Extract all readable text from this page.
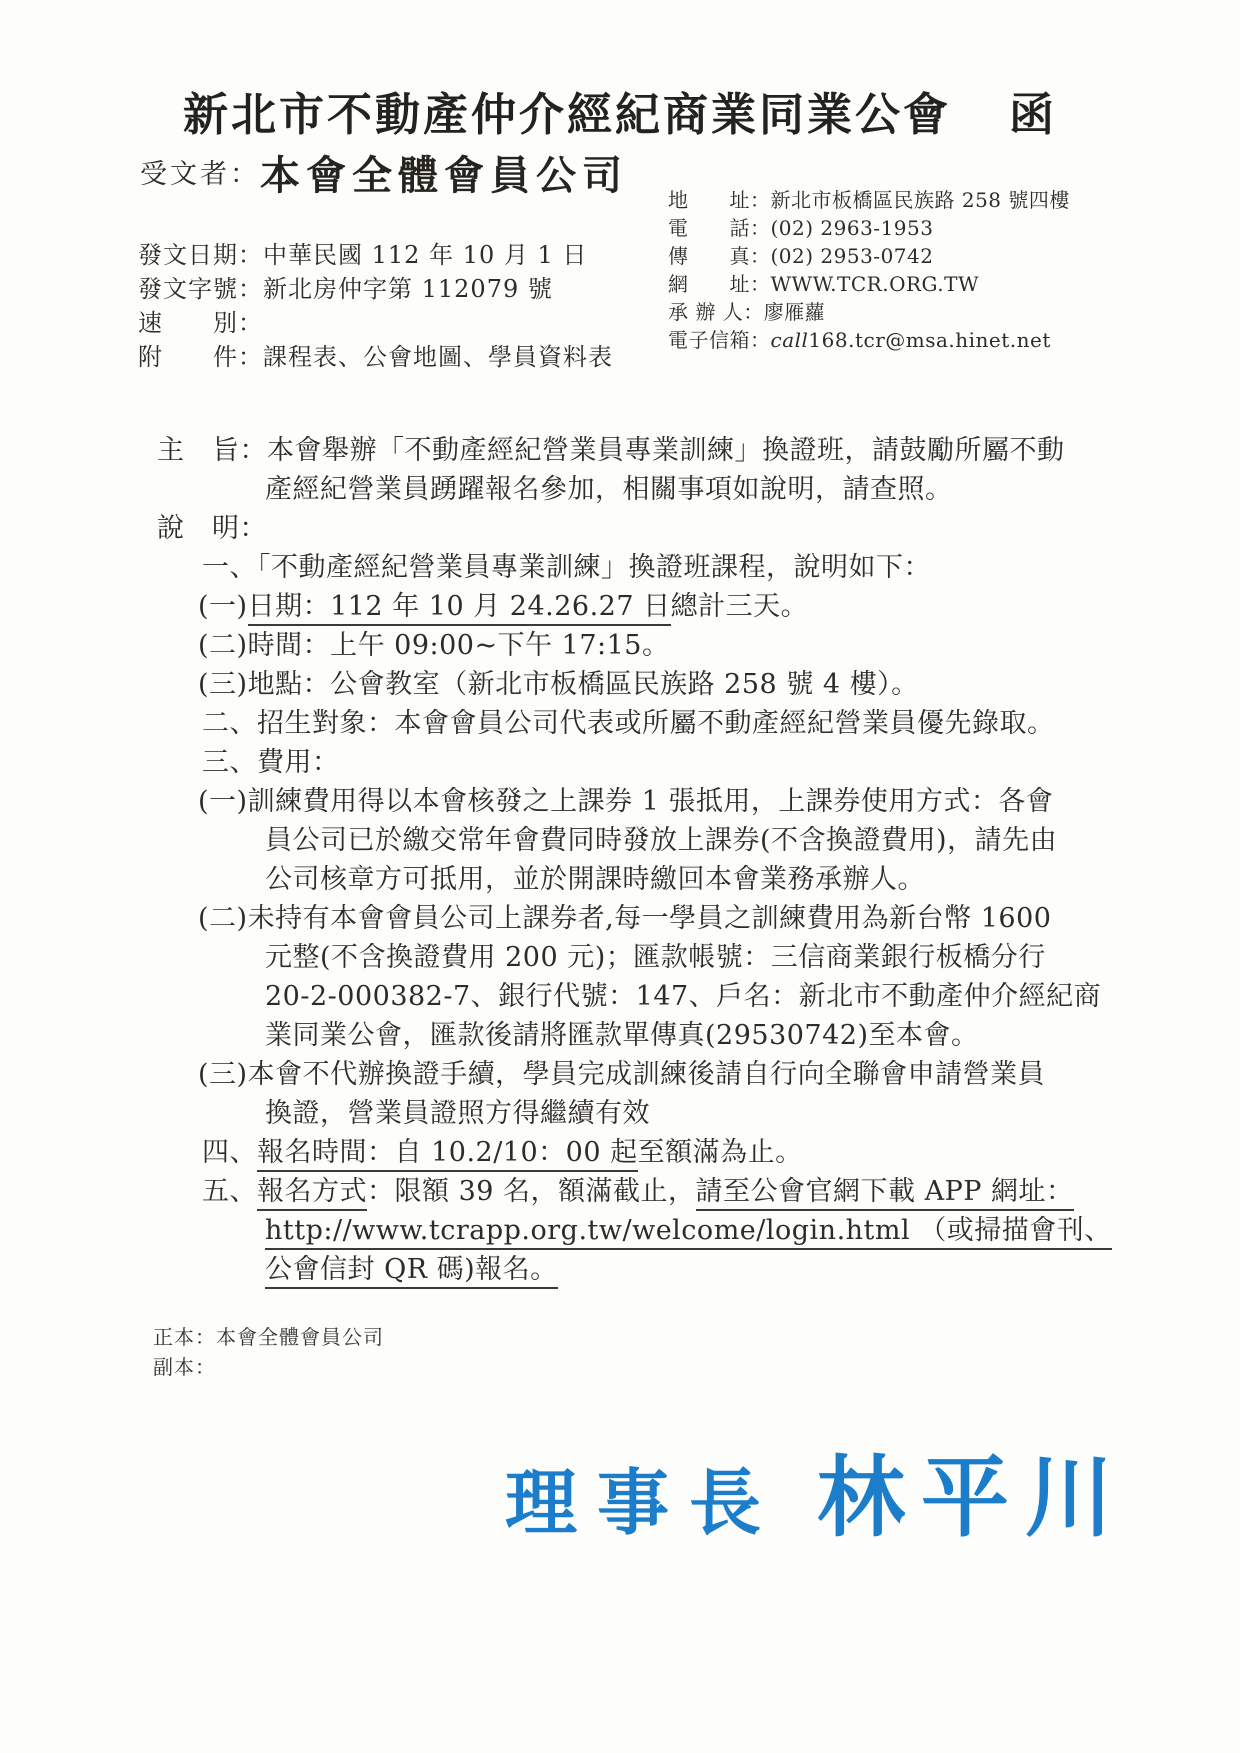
新北市不動產仲介經紀商業同業公會 函
受文者：本會全體會員公司
發文日期：中華民國 112 年 10 月 1 日
發文字號：新北房仲字第 112079 號
速　　別：
附　　件：課程表、公會地圖、學員資料表
地　　址：新北市板橋區民族路 258 號四樓
電　　話：(02) 2963-1953
傳　　真：(02) 2953-0742
網　　址：WWW.TCR.ORG.TW
承 辦 人：廖雁蘿
電子信箱：call168.tcr@msa.hinet.net
主　旨：本會舉辦「不動產經紀營業員專業訓練」換證班，請鼓勵所屬不動
產經紀營業員踴躍報名參加，相關事項如說明，請查照。
說　明：
一、「不動產經紀營業員專業訓練」換證班課程，說明如下：
(一)日期：112 年 10 月 24.26.27 日總計三天。
(二)時間：上午 09:00~下午 17:15。
(三)地點：公會教室（新北市板橋區民族路 258 號 4 樓）。
二、招生對象：本會會員公司代表或所屬不動產經紀營業員優先錄取。
三、費用：
(一)訓練費用得以本會核發之上課券 1 張抵用，上課券使用方式：各會
員公司已於繳交常年會費同時發放上課券(不含換證費用)，請先由
公司核章方可抵用，並於開課時繳回本會業務承辦人。
(二)未持有本會會員公司上課券者,每一學員之訓練費用為新台幣 1600
元整(不含換證費用 200 元)；匯款帳號：三信商業銀行板橋分行
20-2-000382-7、銀行代號：147、戶名：新北市不動產仲介經紀商
業同業公會，匯款後請將匯款單傳真(29530742)至本會。
(三)本會不代辦換證手續，學員完成訓練後請自行向全聯會申請營業員
換證，營業員證照方得繼續有效
四、報名時間：自 10.2/10：00 起至額滿為止。
五、報名方式：限額 39 名，額滿截止，請至公會官網下載 APP 網址：
http://www.tcrapp.org.tw/welcome/login.html （或掃描會刊、
公會信封 QR 碼)報名。
正本：本會全體會員公司
副本：
理事長 林平川
